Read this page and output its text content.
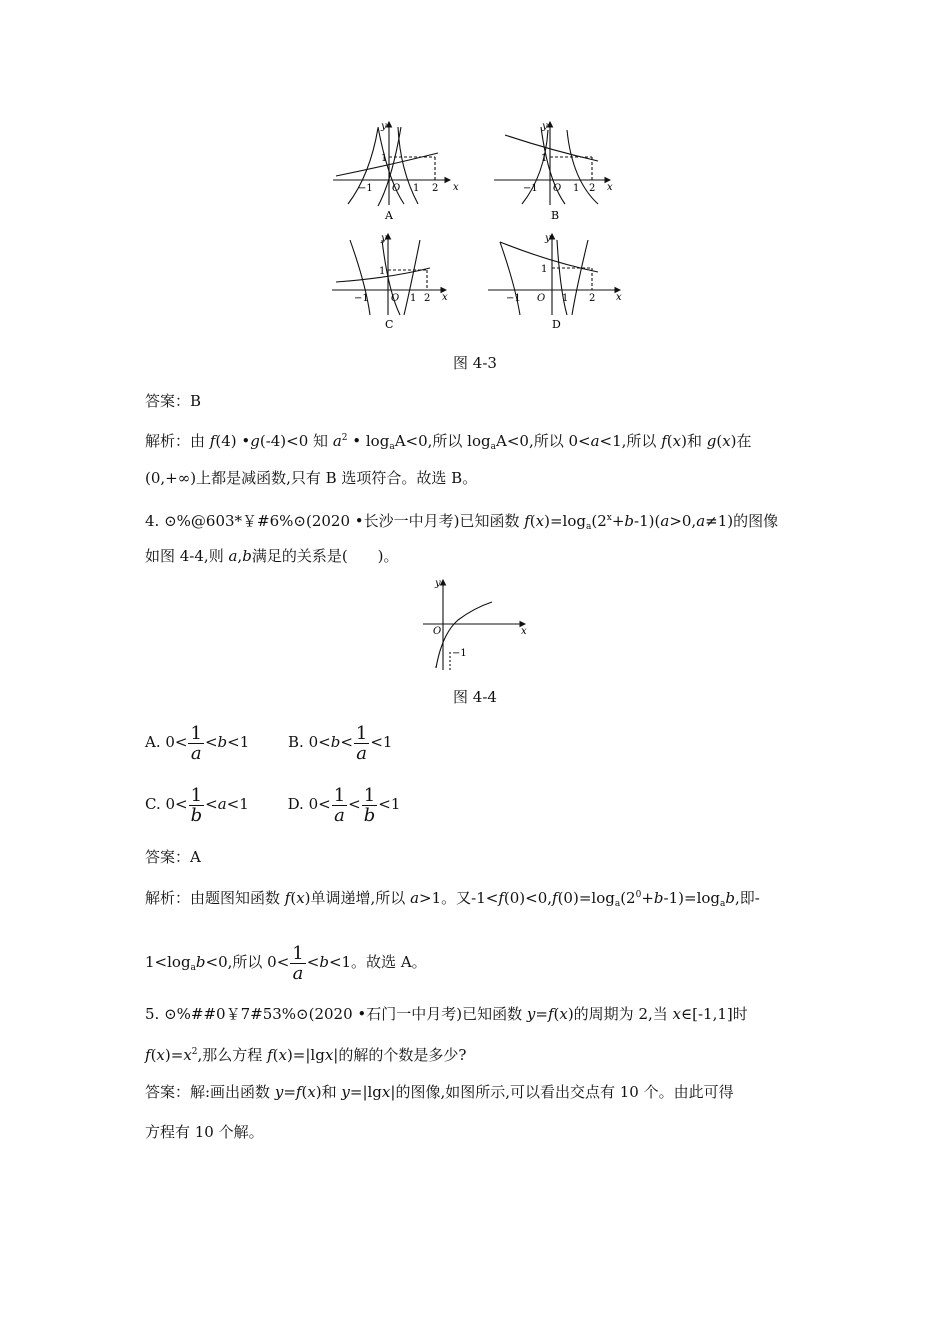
x
y
1
−1 O 1 2
A
x
y
1
−1 O 1 2
B
x
y
1
−1 O 1 2
C
x
y
1
−1 O 1 2
D
图 4-3
答案：B
解析：由 f(4) •g(-4)<0 知 $a^2$ • $\log_aA<0$,所以 $\log_aA<0$,所以 0<a<1,所以 f(x)和 g(x)在
(0,+∞)上都是减函数,只有 B 选项符合。故选 B。
4. ⊙%@603*￥#6%⊙(2020 •长沙一中月考)已知函数 $f(x)=\log_a(2^x+b-1)(a>0,a\ne 1)$的图像
如图 4-4,则 a,b满足的关系是(　　)。
x
y
O
−1
图 4-4
A. $0< \frac{1}{a} <b<1$	B. $0<b< \frac{1}{a} <1$
C. $0< \frac{1}{b} <a<1$	D. $0< \frac{1}{a} < \frac{1}{b} <1$
答案：A
解析：由题图知函数 f(x)单调递增,所以 a>1。又$-1<f(0)<0,f(0)=\log_a(2^0+b-1)=\log_ab$,即-
$1<\log_ab<0$,所以 $0< \frac{1}{a} <b<1$。故选 A。
5. ⊙%##0￥7#53%⊙(2020 •石门一中月考)已知函数 y=f(x)的周期为 2,当 x∈[-1,1]时
$f(x)=x^2$,那么方程 f(x)=|lgx|的解的个数是多少?
答案：解:画出函数 y=f(x)和 y=|lgx|的图像,如图所示,可以看出交点有 10 个。由此可得
方程有 10 个解。
